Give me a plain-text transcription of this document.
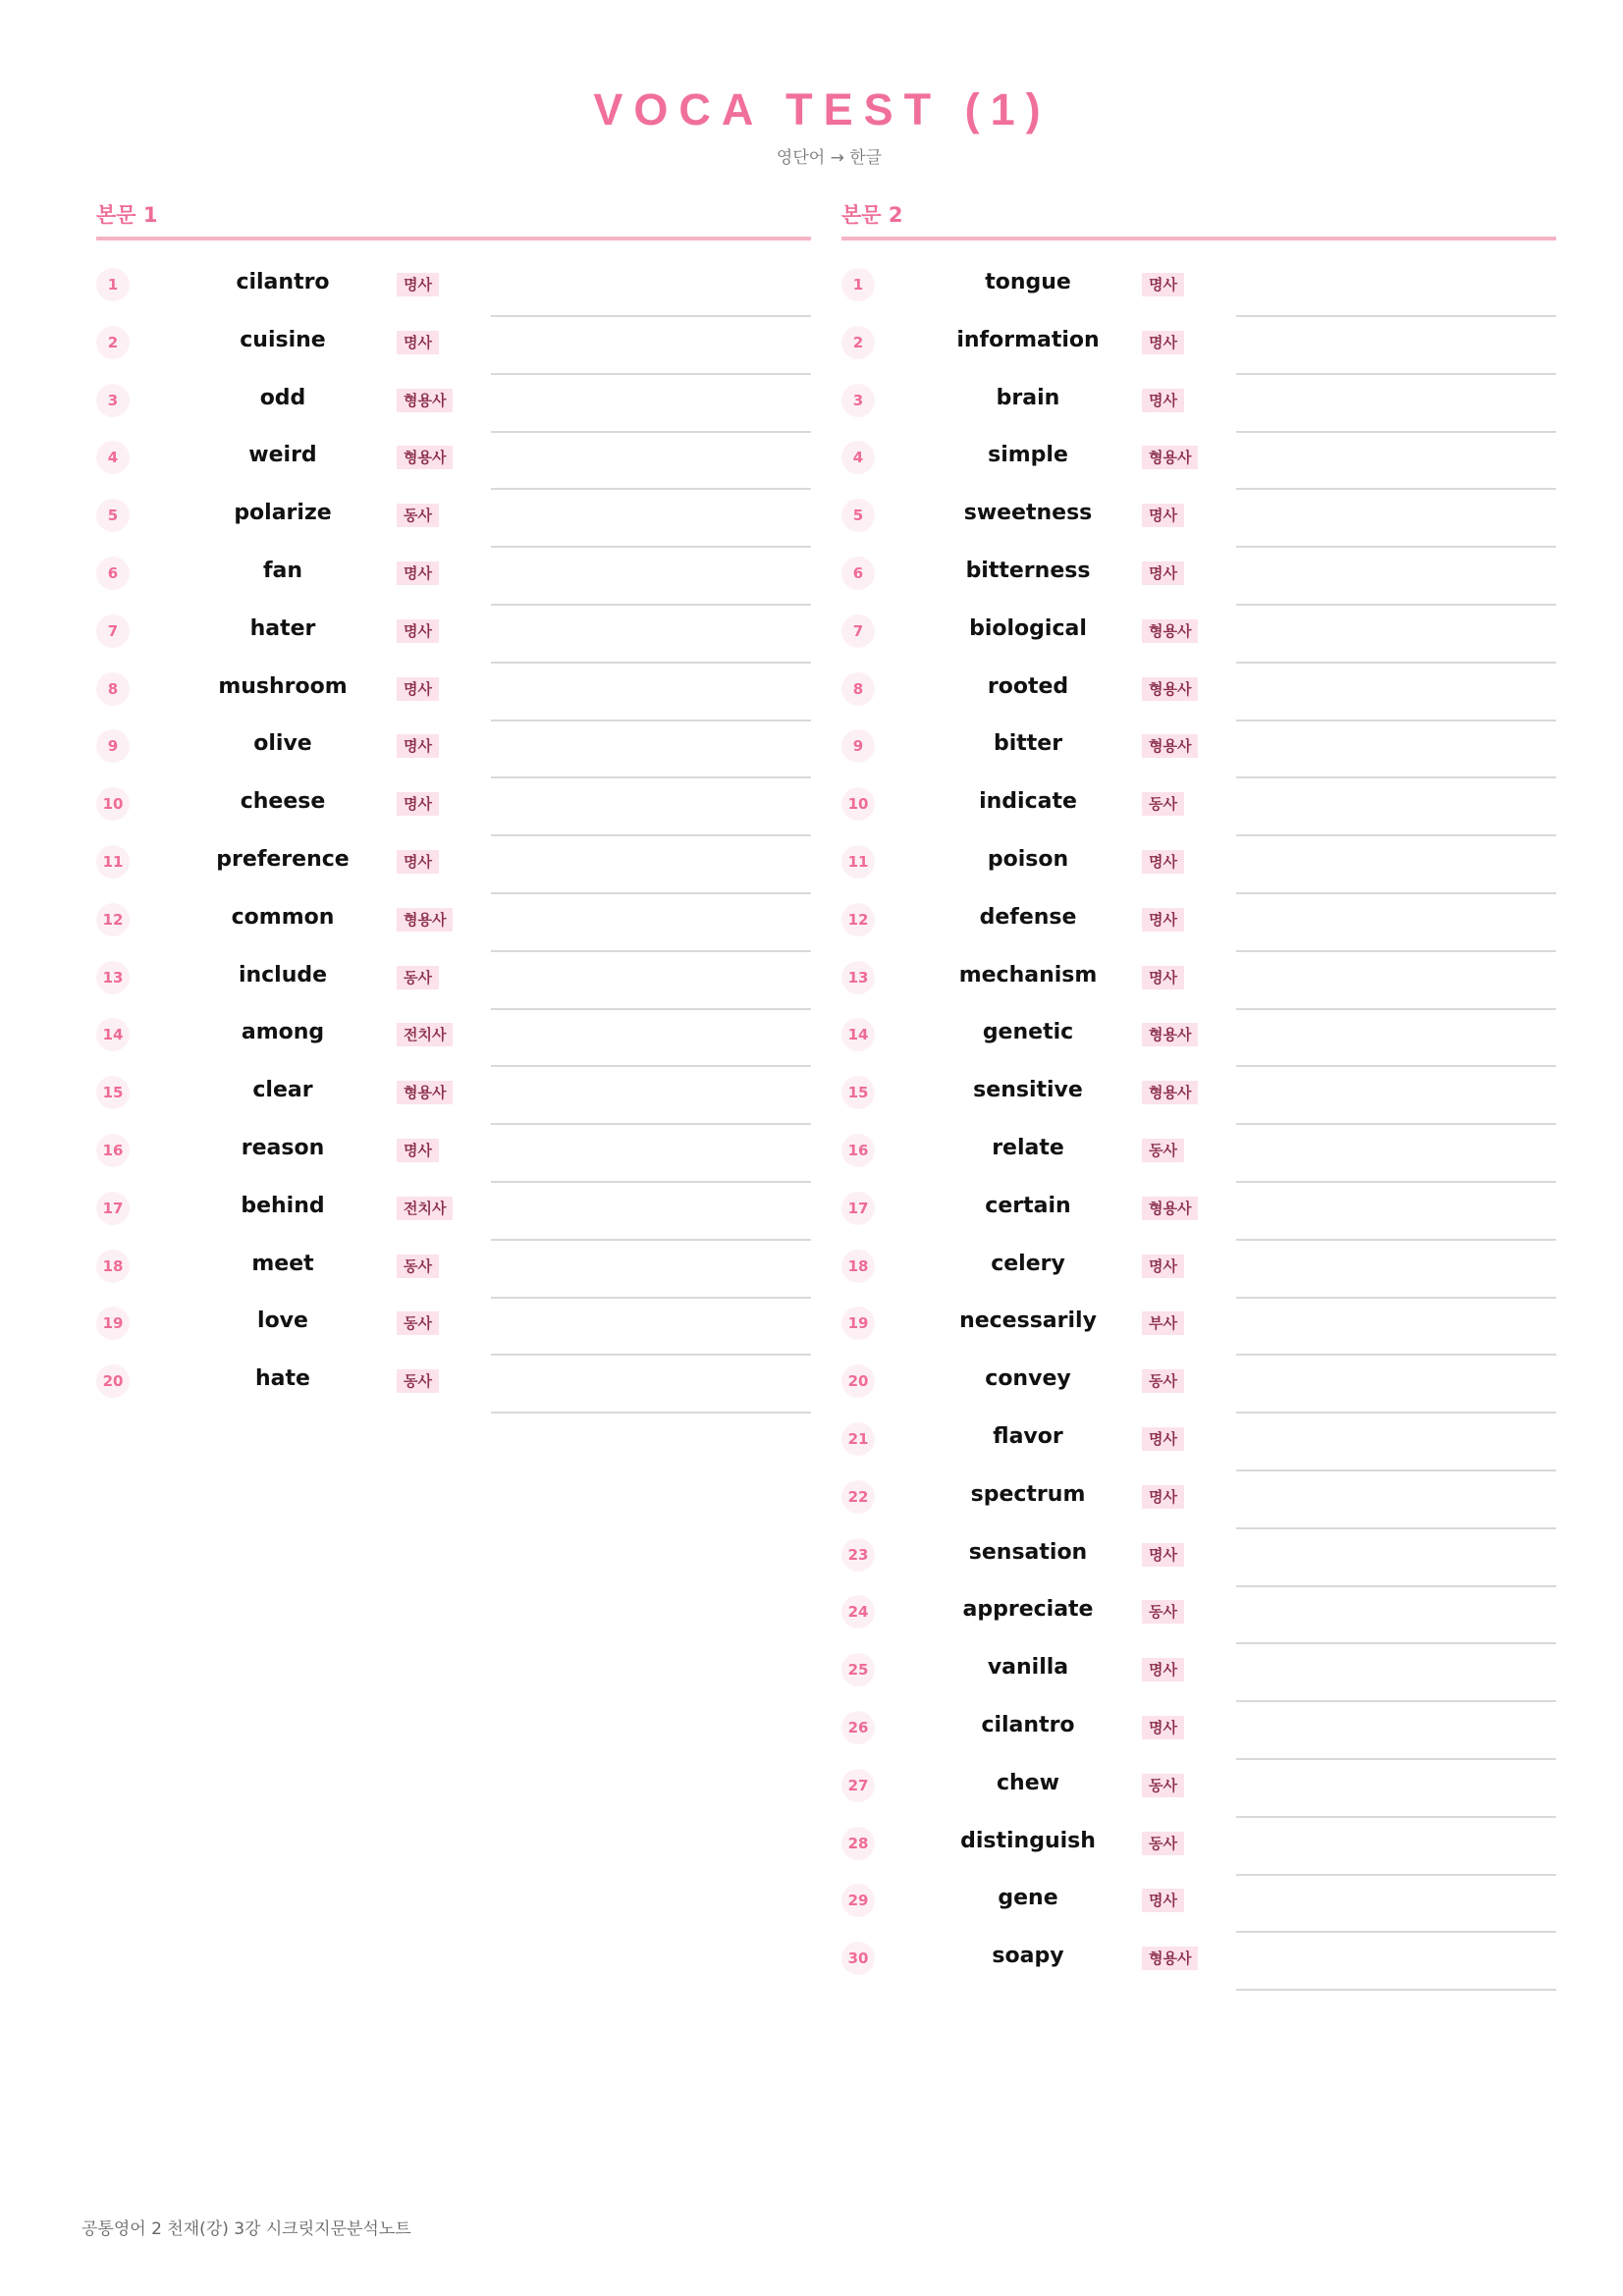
VOCA TEST (1)
영단어 → 한글
본문 1
1	cilantro	명사
2	cuisine	명사
3	odd	형용사
4	weird	형용사
5	polarize	동사
6	fan	명사
7	hater	명사
8	mushroom	명사
9	olive	명사
10	cheese	명사
11	preference	명사
12	common	형용사
13	include	동사
14	among	전치사
15	clear	형용사
16	reason	명사
17	behind	전치사
18	meet	동사
19	love	동사
20	hate	동사
본문 2
1	tongue	명사
2	information	명사
3	brain	명사
4	simple	형용사
5	sweetness	명사
6	bitterness	명사
7	biological	형용사
8	rooted	형용사
9	bitter	형용사
10	indicate	동사
11	poison	명사
12	defense	명사
13	mechanism	명사
14	genetic	형용사
15	sensitive	형용사
16	relate	동사
17	certain	형용사
18	celery	명사
19	necessarily	부사
20	convey	동사
21	flavor	명사
22	spectrum	명사
23	sensation	명사
24	appreciate	동사
25	vanilla	명사
26	cilantro	명사
27	chew	동사
28	distinguish	동사
29	gene	명사
30	soapy	형용사
공통영어 2 천재(강) 3강 시크릿지문분석노트
